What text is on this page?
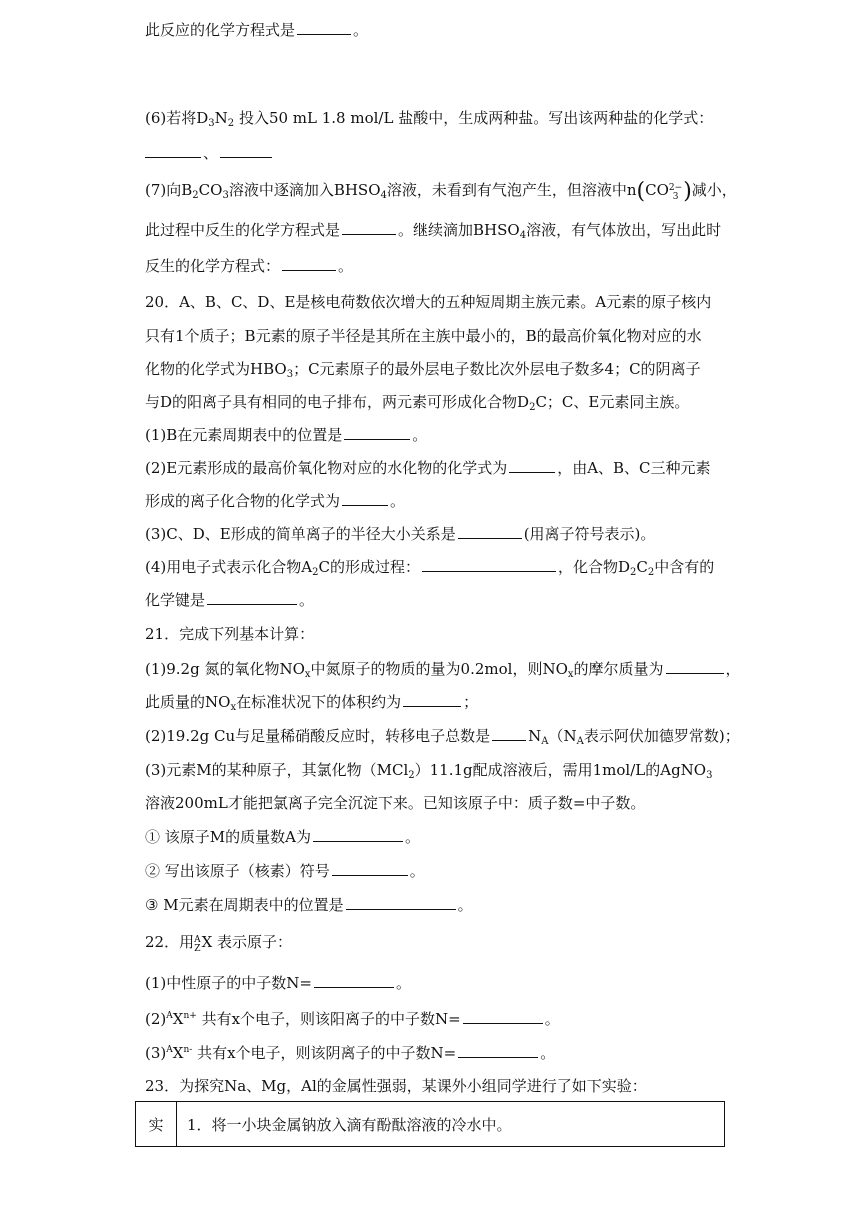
此反应的化学方程式是	。
(6)若将$D_3N_2$ 投入50 mL 1.8 mol/L 盐酸中，生成两种盐。写出该两种盐的化学式：
、
(7)向$B_2CO_3$溶液中逐滴加入$BHSO_4$溶液，未看到有气泡产生，但溶液中n(CO 2−
3 )减小，
此过程中反生的化学方程式是	。继续滴加$BHSO_4$溶液，有气体放出，写出此时
反生的化学方程式：	。
20．A、B、C、D、E是核电荷数依次增大的五种短周期主族元素。A元素的原子核内
只有1个质子；B元素的原子半径是其所在主族中最小的，B的最高价氧化物对应的水
化物的化学式为$HBO_3$；C元素原子的最外层电子数比次外层电子数多4；C的阴离子
与D的阳离子具有相同的电子排布，两元素可形成化合物$D_2C$；C、E元素同主族。
(1)B在元素周期表中的位置是	。
(2)E元素形成的最高价氧化物对应的水化物的化学式为	，由A、B、C三种元素
形成的离子化合物的化学式为	。
(3)C、D、E形成的简单离子的半径大小关系是	(用离子符号表示)。
(4)用电子式表示化合物$A_2C$的形成过程：	，化合物$D_2C_2$中含有的
化学键是	。
21．完成下列基本计算：
(1)9.2g 氮的氧化物$NO_x$中氮原子的物质的量为0.2mol，则$NO_x$的摩尔质量为	，
此质量的$NO_x$在标准状况下的体积约为	；
(2)19.2g Cu与足量稀硝酸反应时，转移电子总数是	$N_A(N_A$表示阿伏加德罗常数)；
(3)元素M的某种原子，其氯化物（MCl$_2$）11.1g配成溶液后，需用1mol/L的AgNO$_3$
溶液200mL才能把氯离子完全沉淀下来。已知该原子中：质子数=中子数。
① 该原子M的质量数A为	。
② 写出该原子（核素）符号	。
③ M元素在周期表中的位置是	。
22．用 A
Z X 表示原子：
(1)中性原子的中子数N=	。
$(2)^AX^{n+}$ 共有x个电子，则该阳离子的中子数N=	。
$(3)^AX^{n-}$ 共有x个电子，则该阴离子的中子数N=	。
23．为探究Na、Mg，Al的金属性强弱，某课外小组同学进行了如下实验：
实	1．将一小块金属钠放入滴有酚酞溶液的冷水中。
